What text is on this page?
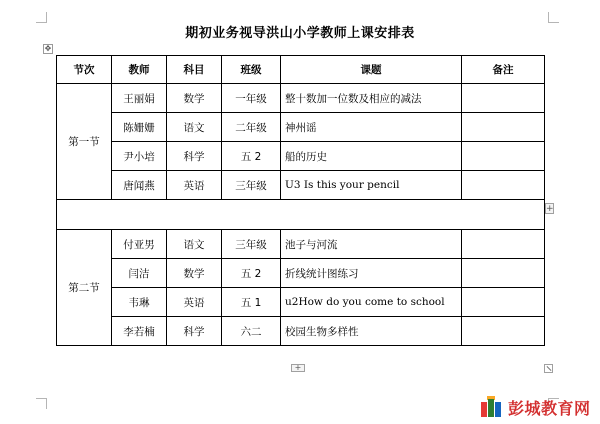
期初业务视导洪山小学教师上课安排表
✥
节次	教师	科目	班级	课题	备注
第一节	王丽娟	数学	一年级	整十数加一位数及相应的减法	
	陈姗姗	语文	二年级	神州谣	
	尹小培	科学	五 2	船的历史	
	唐闻燕	英语	三年级	U3 Is this your pencil	

第二节	付亚男	语文	三年级	池子与河流	
	闫洁	数学	五 2	折线统计图练习	
	韦琳	英语	五 1	u2How do you come to school	
	李若楠	科学	六二	校园生物多样性	
+
+
彭城教育网
